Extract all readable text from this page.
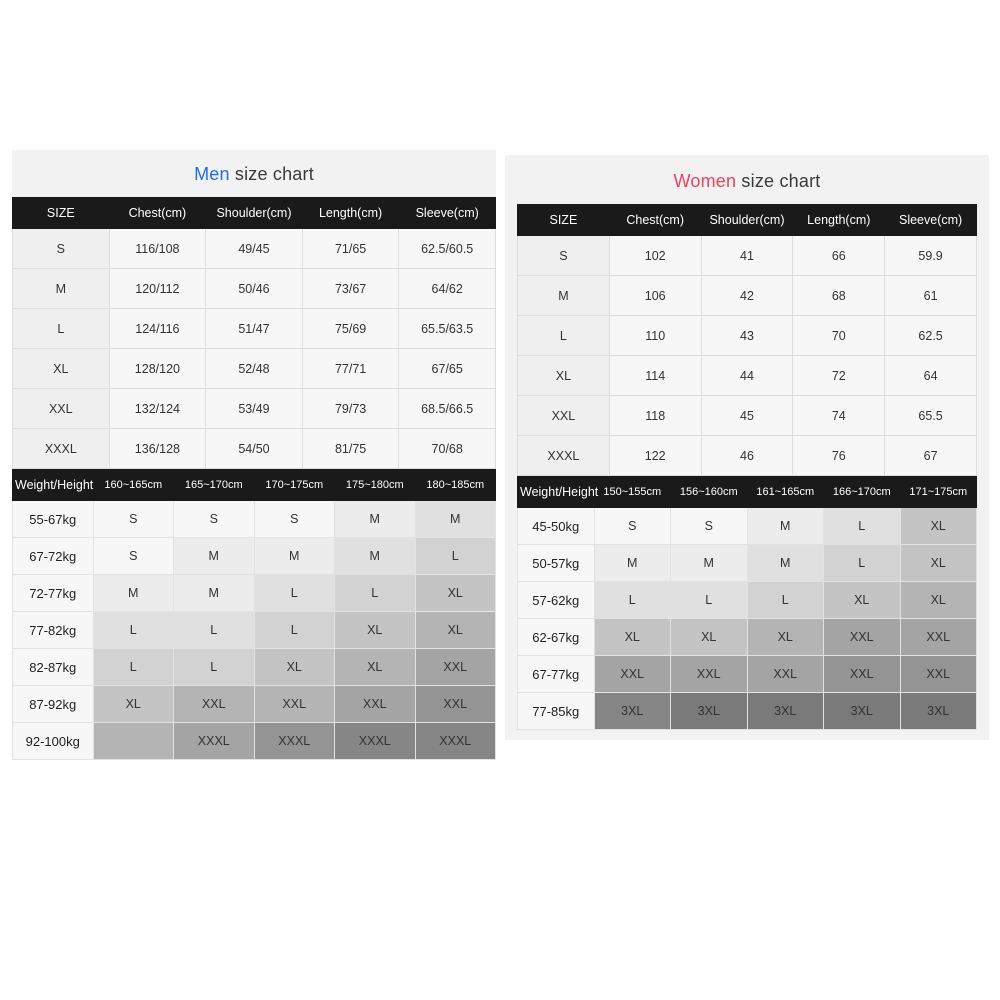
Men size chart
SIZE	Chest(cm)	Shoulder(cm)	Length(cm)	Sleeve(cm)
S	116/108	49/45	71/65	62.5/60.5
M	120/112	50/46	73/67	64/62
L	124/116	51/47	75/69	65.5/63.5
XL	128/120	52/48	77/71	67/65
XXL	132/124	53/49	79/73	68.5/66.5
XXXL	136/128	54/50	81/75	70/68
Weight/Height	160~165cm	165~170cm	170~175cm	175~180cm	180~185cm
55-67kg	S	S	S	M	M
67-72kg	S	M	M	M	L
72-77kg	M	M	L	L	XL
77-82kg	L	L	L	XL	XL
82-87kg	L	L	XL	XL	XXL
87-92kg	XL	XXL	XXL	XXL	XXL
92-100kg		XXXL	XXXL	XXXL	XXXL
Women size chart
SIZE	Chest(cm)	Shoulder(cm)	Length(cm)	Sleeve(cm)
S	102	41	66	59.9
M	106	42	68	61
L	110	43	70	62.5
XL	114	44	72	64
XXL	118	45	74	65.5
XXXL	122	46	76	67
Weight/Height	150~155cm	156~160cm	161~165cm	166~170cm	171~175cm
45-50kg	S	S	M	L	XL
50-57kg	M	M	M	L	XL
57-62kg	L	L	L	XL	XL
62-67kg	XL	XL	XL	XXL	XXL
67-77kg	XXL	XXL	XXL	XXL	XXL
77-85kg	3XL	3XL	3XL	3XL	3XL
